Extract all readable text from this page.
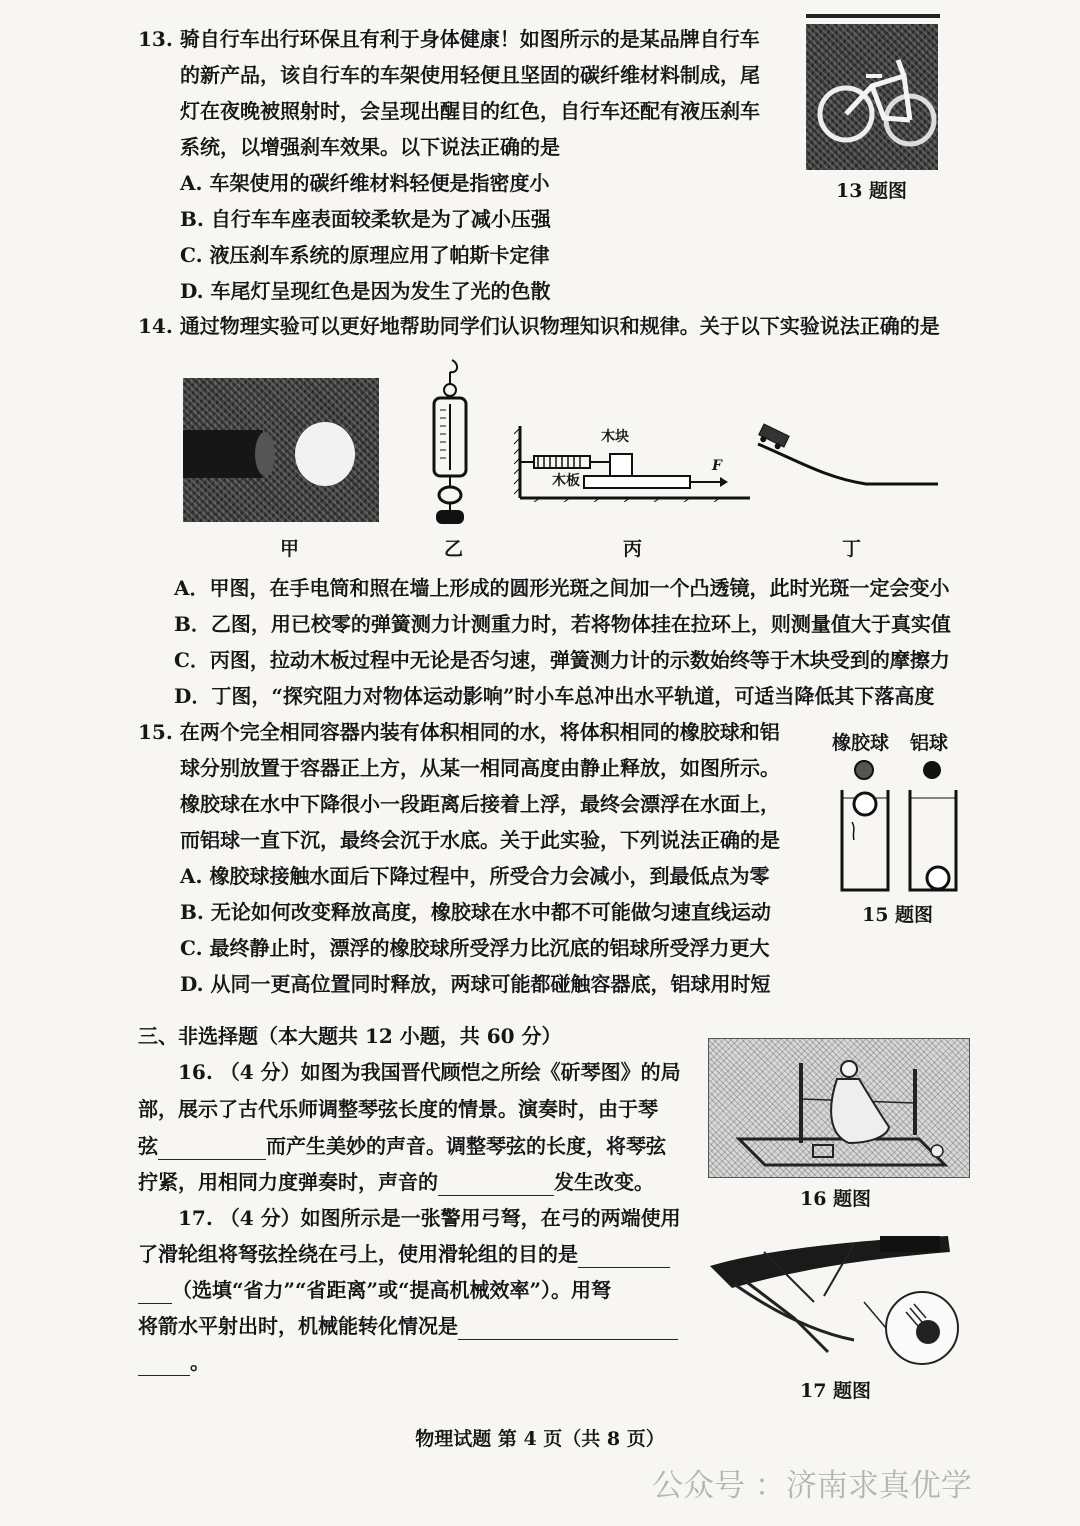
13. 骑自行车出行环保且有利于身体健康！如图所示的是某品牌自行车
的新产品，该自行车的车架使用轻便且坚固的碳纤维材料制成，尾
灯在夜晚被照射时，会呈现出醒目的红色，自行车还配有液压刹车
系统，以增强刹车效果。以下说法正确的是
A. 车架使用的碳纤维材料轻便是指密度小
B. 自行车车座表面较柔软是为了减小压强
C. 液压刹车系统的原理应用了帕斯卡定律
D. 车尾灯呈现红色是因为发生了光的色散
13 题图
14. 通过物理实验可以更好地帮助同学们认识物理知识和规律。关于以下实验说法正确的是
甲	乙
木块
木板
F
丙	丁
A．甲图，在手电筒和照在墙上形成的圆形光斑之间加一个凸透镜，此时光斑一定会变小
B．乙图，用已校零的弹簧测力计测重力时，若将物体挂在拉环上，则测量值大于真实值
C．丙图，拉动木板过程中无论是否匀速，弹簧测力计的示数始终等于木块受到的摩擦力
D．丁图，“探究阻力对物体运动影响”时小车总冲出水平轨道，可适当降低其下落高度
15. 在两个完全相同容器内装有体积相同的水，将体积相同的橡胶球和铝
球分别放置于容器正上方，从某一相同高度由静止释放，如图所示。
橡胶球在水中下降很小一段距离后接着上浮，最终会漂浮在水面上，
而铝球一直下沉，最终会沉于水底。关于此实验，下列说法正确的是
A. 橡胶球接触水面后下降过程中，所受合力会减小，到最低点为零
B. 无论如何改变释放高度，橡胶球在水中都不可能做匀速直线运动
C. 最终静止时，漂浮的橡胶球所受浮力比沉底的铝球所受浮力更大
D. 从同一更高位置同时释放，两球可能都碰触容器底，铝球用时短
橡胶球 铝球
15 题图
三、非选择题（本大题共 12 小题，共 60 分）
16. （4 分）如图为我国晋代顾恺之所绘《斫琴图》的局
部，展示了古代乐师调整琴弦长度的情景。演奏时，由于琴
弦	而产生美妙的声音。调整琴弦的长度，将琴弦
拧紧，用相同力度弹奏时，声音的	发生改变。
16 题图
17. （4 分）如图所示是一张警用弓弩，在弓的两端使用
了滑轮组将弩弦拴绕在弓上，使用滑轮组的目的是
（选填“省力”“省距离”或“提高机械效率”）。用弩
将箭水平射出时，机械能转化情况是
。
17 题图
物理试题 第 4 页（共 8 页）
公众号 ：济南求真优学
